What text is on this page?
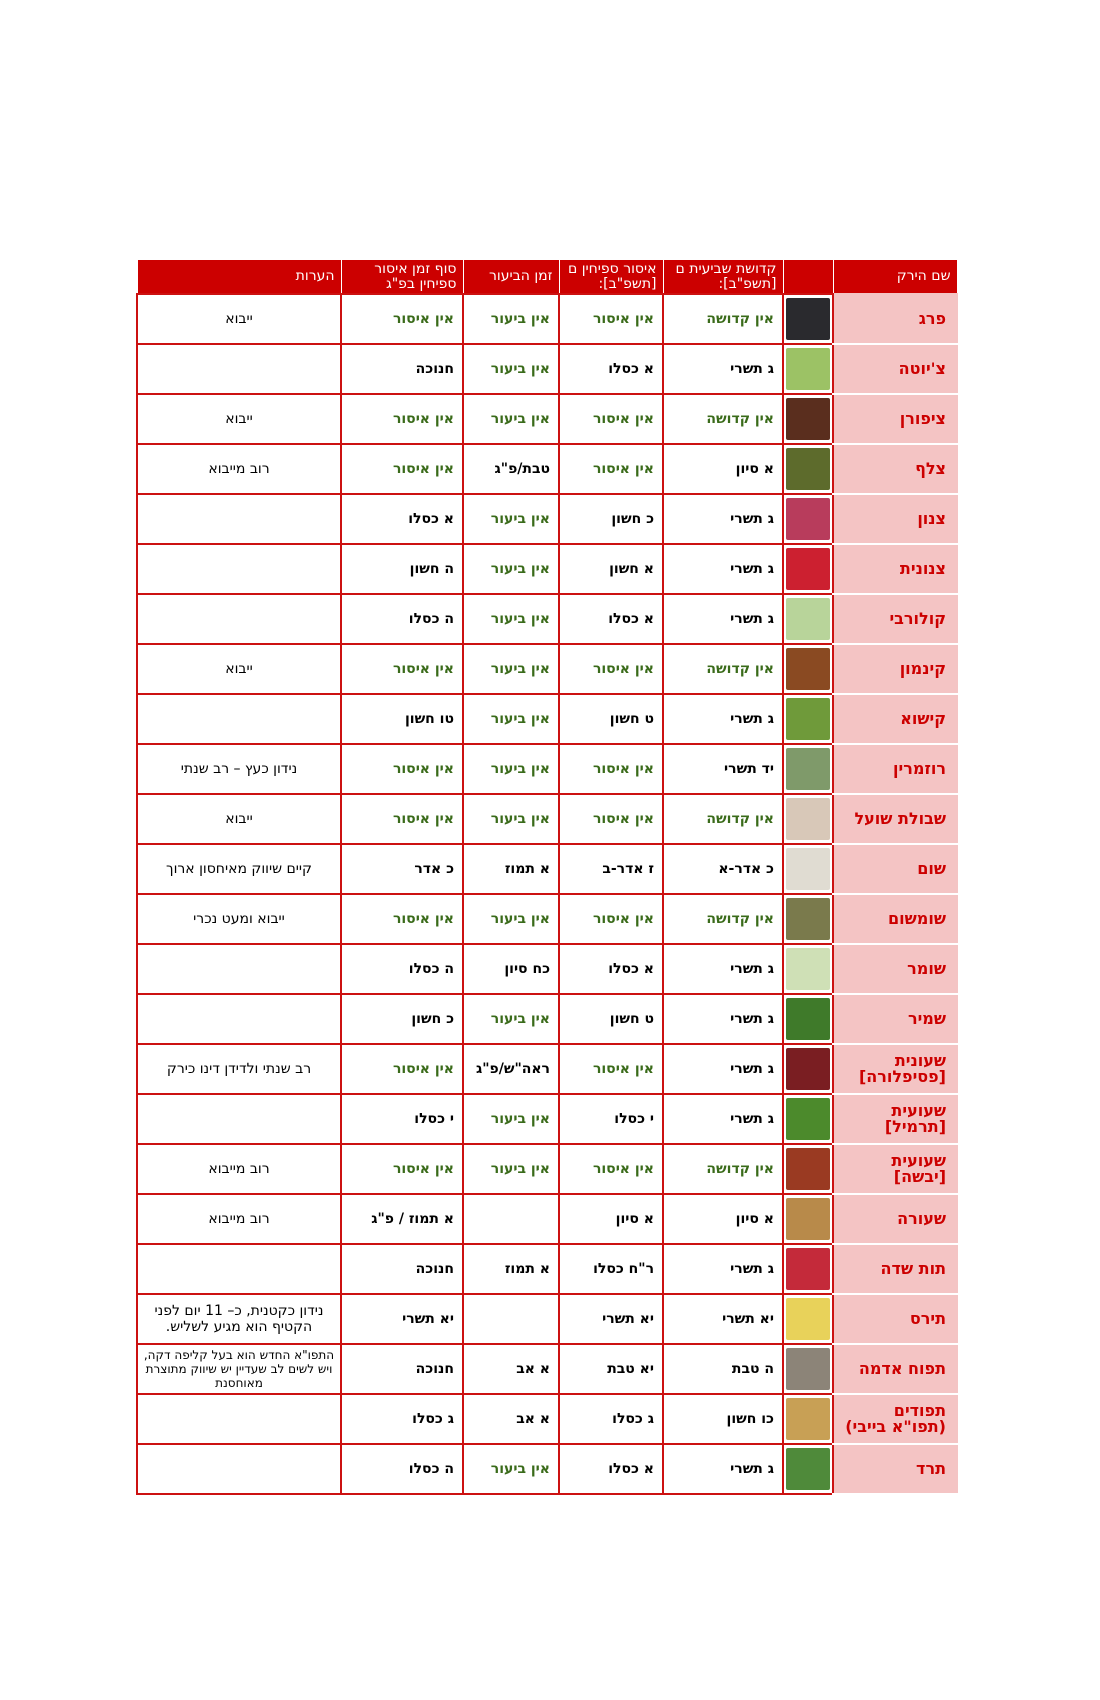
שם הירק		קדושת שביעית ם [תשפ"ב]:	איסור ספיחין ם [תשפ"ב]:	זמן הביעור	סוף זמן איסור ספיחין בפ"ג	הערות
פרג		אין קדושה	אין איסור	אין ביעור	אין איסור	ייבוא
צ'יוטה		ג תשרי	א כסלו	אין ביעור	חנוכה	
ציפורן		אין קדושה	אין איסור	אין ביעור	אין איסור	ייבוא
צלף		א סיון	אין איסור	טבת/פ"ג	אין איסור	רוב מייבוא
צנון		ג תשרי	כ חשון	אין ביעור	א כסלו	
צנונית		ג תשרי	א חשון	אין ביעור	ה חשון	
קולורבי		ג תשרי	א כסלו	אין ביעור	ה כסלו	
קינמון		אין קדושה	אין איסור	אין ביעור	אין איסור	ייבוא
קישוא		ג תשרי	ט חשון	אין ביעור	טו חשון	
רוזמרין		יד תשרי	אין איסור	אין ביעור	אין איסור	נידון כעץ – רב שנתי
שבולת שועל		אין קדושה	אין איסור	אין ביעור	אין איסור	ייבוא
שום		כ אדר-א	ז אדר-ב	א תמוז	כ אדר	קיים שיווק מאיחסון ארוך
שומשום		אין קדושה	אין איסור	אין ביעור	אין איסור	ייבוא ומעט נכרי
שומר		ג תשרי	א כסלו	כח סיון	ה כסלו	
שמיר		ג תשרי	ט חשון	אין ביעור	כ חשון	
שעונית [פסיפלורה]		ג תשרי	אין איסור	ראה"ש/פ"ג	אין איסור	רב שנתי ולדידן דינו כירק
שעועית [תרמיל]		ג תשרי	י כסלו	אין ביעור	י כסלו	
שעועית [יבשה]		אין קדושה	אין איסור	אין ביעור	אין איסור	רוב מייבוא
שעורה		א סיון	א סיון		א תמוז / פ"ג	רוב מייבוא
תות שדה		ג תשרי	ר"ח כסלו	א תמוז	חנוכה	
תירס		יא תשרי	יא תשרי		יא תשרי	נידון כקטנית, כ– 11 יום לפני הקטיף הוא מגיע לשליש.
תפוח אדמה		ה טבת	יא טבת	א אב	חנוכה	התפו"א החדש הוא בעל קליפה דקה, ויש לשים לב שעדיין יש שיווק מתוצרת מאוחסנת
תפודים (תפו"א בייבי)		כו חשון	ג כסלו	א אב	ג כסלו	
תרד		ג תשרי	א כסלו	אין ביעור	ה כסלו	
